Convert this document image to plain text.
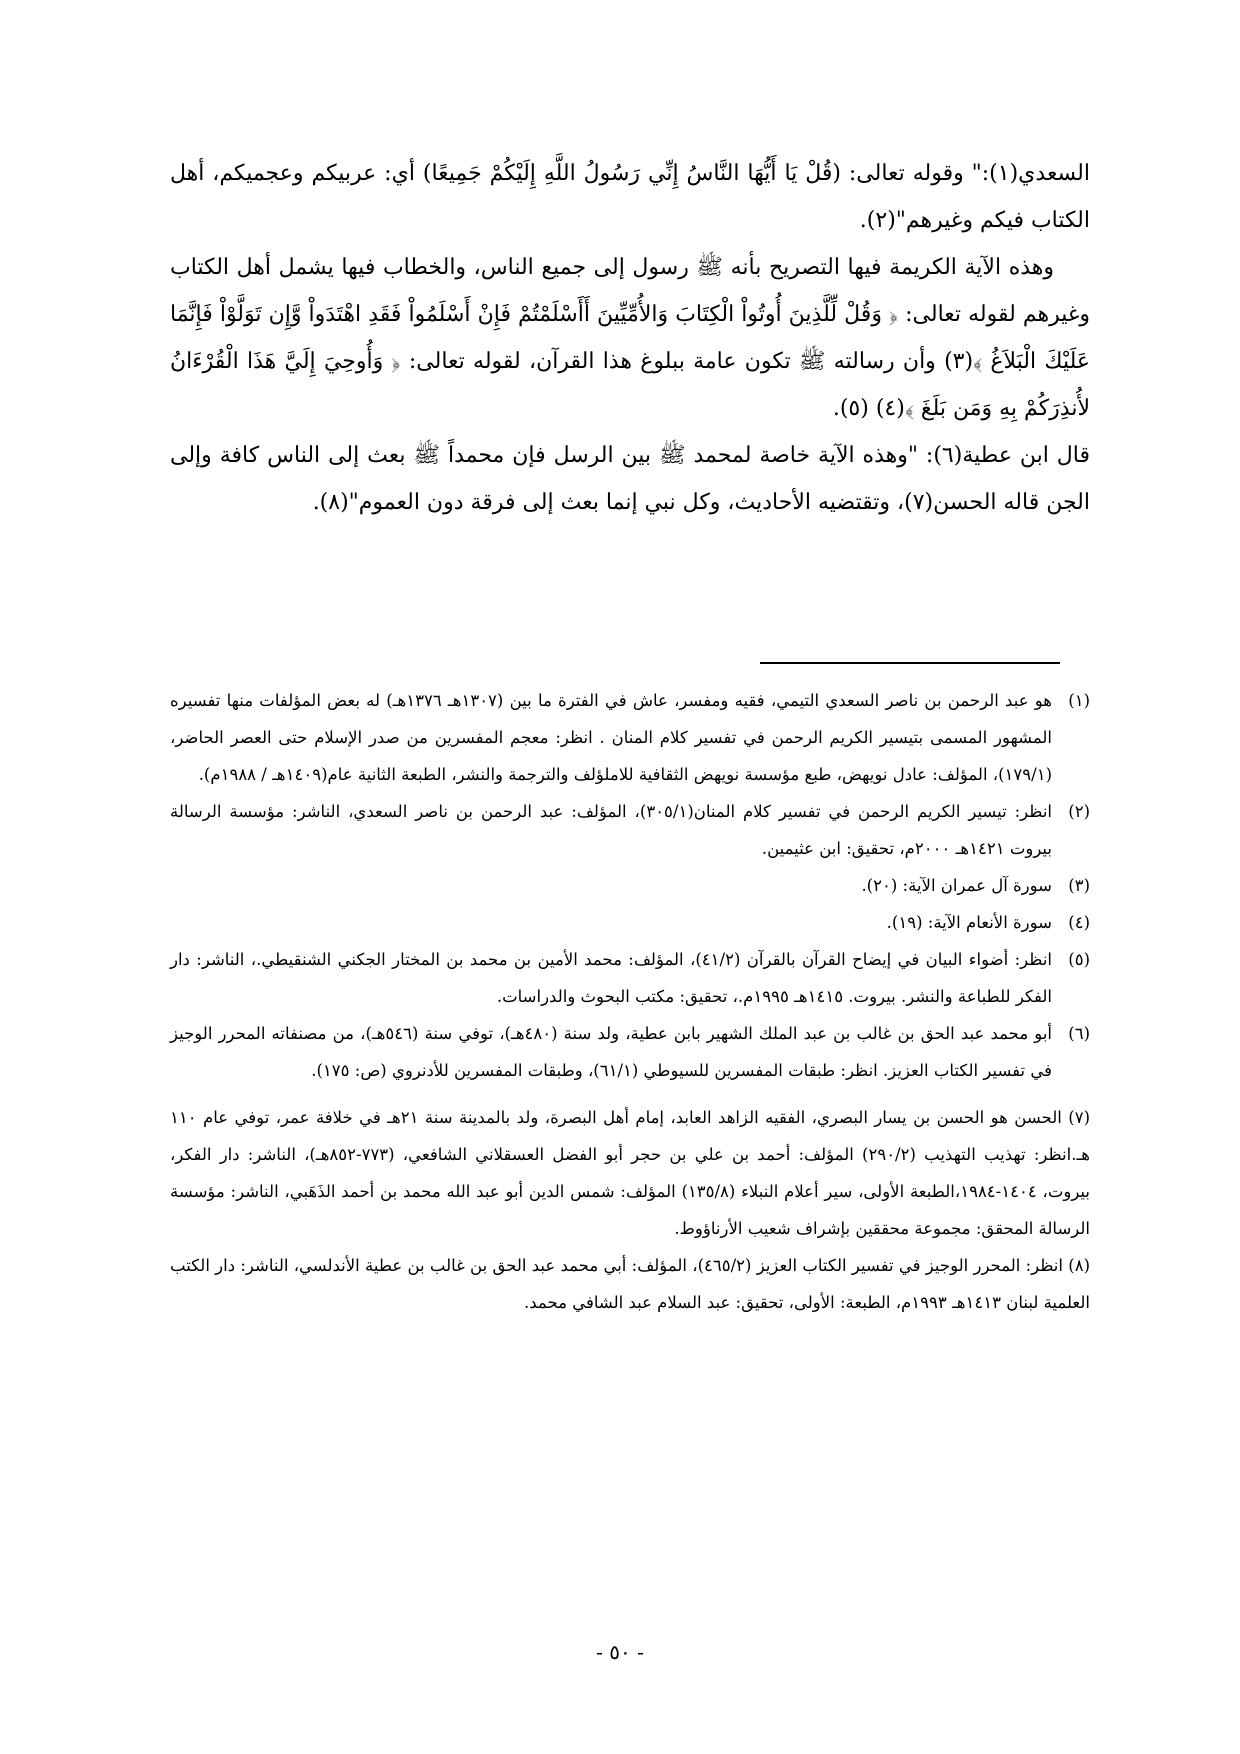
السعدي(١):" وقوله تعالى: (قُلْ يَا أَيُّهَا النَّاسُ إِنِّي رَسُولُ اللَّهِ إِلَيْكُمْ جَمِيعًا) أي: عربيكم وعجميكم، أهل الكتاب فيكم وغيرهم"(٢).

وهذه الآية الكريمة فيها التصريح بأنه ﷺ رسول إلى جميع الناس، والخطاب فيها يشمل أهل الكتاب وغيرهم لقوله تعالى: ﴿ وَقُلْ لِّلَّذِينَ أُوتُواْ الْكِتَابَ وَالأُمِّيِّينَ أَأَسْلَمْتُمْ فَإِنْ أَسْلَمُواْ فَقَدِ اهْتَدَواْ وَّإِن تَوَلَّوْاْ فَإِنَّمَا عَلَيْكَ الْبَلاَغُ ﴾(٣) وأن رسالته ﷺ تكون عامة ببلوغ هذا القرآن، لقوله تعالى: ﴿ وَأُوحِيَ إِلَيَّ هَذَا الْقُرْءَانُ لأُنذِرَكُمْ بِهِ وَمَن بَلَغَ ﴾(٤) (٥).

قال ابن عطية(٦): "وهذه الآية خاصة لمحمد ﷺ بين الرسل فإن محمداً ﷺ بعث إلى الناس كافة وإلى الجن قاله الحسن(٧)، وتقتضيه الأحاديث، وكل نبي إنما بعث إلى فرقة دون العموم"(٨).

(١)
هو عبد الرحمن بن ناصر السعدي التيمي، فقيه ومفسر، عاش في الفترة ما بين (١٣٠٧هـ ١٣٧٦هـ) له بعض المؤلفات منها تفسيره المشهور المسمى بتيسير الكريم الرحمن في تفسير كلام المنان . انظر: معجم المفسرين من صدر الإسلام حتى العصر الحاضر، (١٧٩/١)، المؤلف: عادل نويهض، طبع مؤسسة نويهض الثقافية للاملؤلف والترجمة والنشر، الطبعة الثانية عام(١٤٠٩هـ / ١٩٨٨م).
(٢)
انظر: تيسير الكريم الرحمن في تفسير كلام المنان(٣٠٥/١)، المؤلف: عبد الرحمن بن ناصر السعدي، الناشر: مؤسسة الرسالة بيروت ١٤٢١هـ ٢٠٠٠م، تحقيق: ابن عثيمين.
(٣)
سورة آل عمران الآية: (٢٠).
(٤)
سورة الأنعام الآية: (١٩).
(٥)
انظر: أضواء البيان في إيضاح القرآن بالقرآن (٤١/٢)، المؤلف: محمد الأمين بن محمد بن المختار الجكني الشنقيطي.، الناشر: دار الفكر للطباعة والنشر. بيروت. ١٤١٥هـ ١٩٩٥م.، تحقيق: مكتب البحوث والدراسات.
(٦)
أبو محمد عبد الحق بن غالب بن عبد الملك الشهير بابن عطية، ولد سنة (٤٨٠هـ)، توفي سنة (٥٤٦هـ)، من مصنفاته المحرر الوجيز في تفسير الكتاب العزيز. انظر: طبقات المفسرين للسيوطي (٦١/١)، وطبقات المفسرين للأدنروي (ص: ١٧٥).
(٧) الحسن هو الحسن بن يسار البصري، الفقيه الزاهد العابد، إمام أهل البصرة، ولد بالمدينة سنة ٢١هـ في خلافة عمر، توفي عام ١١٠ هـ.انظر: تهذيب التهذيب (٢٩٠/٢) المؤلف: أحمد بن علي بن حجر أبو الفضل العسقلاني الشافعي، (٧٧٣-٨٥٢هـ)، الناشر: دار الفكر، بيروت، ١٤٠٤-١٩٨٤،الطبعة الأولى، سير أعلام النبلاء (١٣٥/٨) المؤلف: شمس الدين أبو عبد الله محمد بن أحمد الذَهَبي، الناشر: مؤسسة الرسالة المحقق: مجموعة محققين بإشراف شعيب الأرناؤوط.
(٨) انظر: المحرر الوجيز في تفسير الكتاب العزيز (٤٦٥/٢)، المؤلف: أبي محمد عبد الحق بن غالب بن عطية الأندلسي، الناشر: دار الكتب العلمية لبنان ١٤١٣هـ ١٩٩٣م، الطبعة: الأولى، تحقيق: عبد السلام عبد الشافي محمد.
- ٥٠ -
